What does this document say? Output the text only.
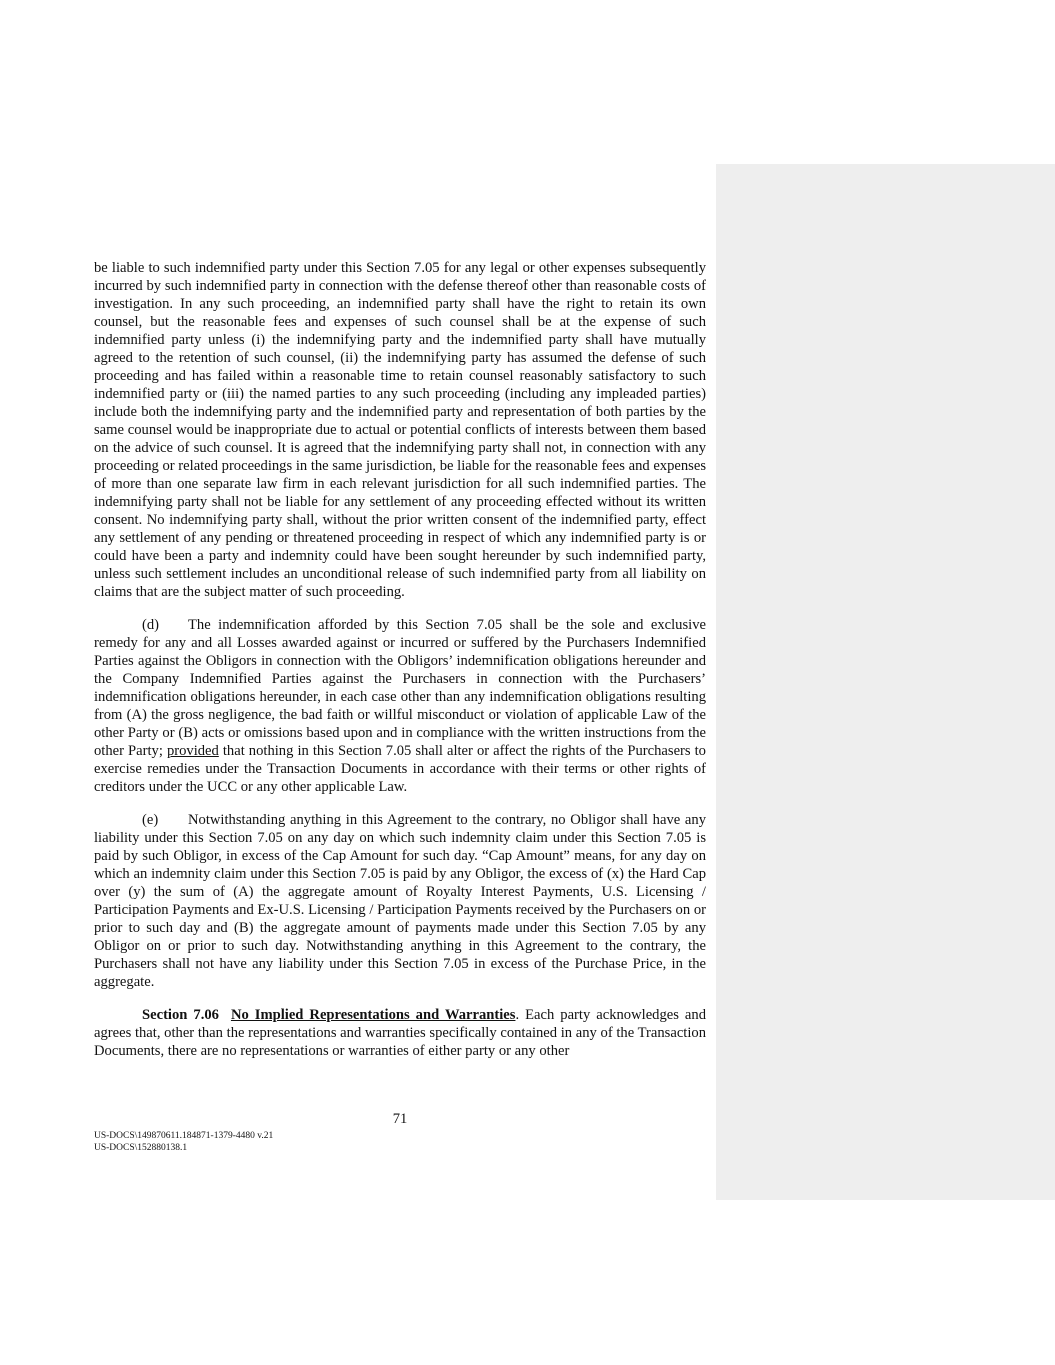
be liable to such indemnified party under this Section 7.05 for any legal or other expenses subsequently incurred by such indemnified party in connection with the defense thereof other than reasonable costs of investigation. In any such proceeding, an indemnified party shall have the right to retain its own counsel, but the reasonable fees and expenses of such counsel shall be at the expense of such indemnified party unless (i) the indemnifying party and the indemnified party shall have mutually agreed to the retention of such counsel, (ii) the indemnifying party has assumed the defense of such proceeding and has failed within a reasonable time to retain counsel reasonably satisfactory to such indemnified party or (iii) the named parties to any such proceeding (including any impleaded parties) include both the indemnifying party and the indemnified party and representation of both parties by the same counsel would be inappropriate due to actual or potential conflicts of interests between them based on the advice of such counsel. It is agreed that the indemnifying party shall not, in connection with any proceeding or related proceedings in the same jurisdiction, be liable for the reasonable fees and expenses of more than one separate law firm in each relevant jurisdiction for all such indemnified parties. The indemnifying party shall not be liable for any settlement of any proceeding effected without its written consent. No indemnifying party shall, without the prior written consent of the indemnified party, effect any settlement of any pending or threatened proceeding in respect of which any indemnified party is or could have been a party and indemnity could have been sought hereunder by such indemnified party, unless such settlement includes an unconditional release of such indemnified party from all liability on claims that are the subject matter of such proceeding.

(d) The indemnification afforded by this Section 7.05 shall be the sole and exclusive remedy for any and all Losses awarded against or incurred or suffered by the Purchasers Indemnified Parties against the Obligors in connection with the Obligors’ indemnification obligations hereunder and the Company Indemnified Parties against the Purchasers in connection with the Purchasers’ indemnification obligations hereunder, in each case other than any indemnification obligations resulting from (A) the gross negligence, the bad faith or willful misconduct or violation of applicable Law of the other Party or (B) acts or omissions based upon and in compliance with the written instructions from the other Party; provided that nothing in this Section 7.05 shall alter or affect the rights of the Purchasers to exercise remedies under the Transaction Documents in accordance with their terms or other rights of creditors under the UCC or any other applicable Law.

(e) Notwithstanding anything in this Agreement to the contrary, no Obligor shall have any liability under this Section 7.05 on any day on which such indemnity claim under this Section 7.05 is paid by such Obligor, in excess of the Cap Amount for such day. “Cap Amount” means, for any day on which an indemnity claim under this Section 7.05 is paid by any Obligor, the excess of (x) the Hard Cap over (y) the sum of (A) the aggregate amount of Royalty Interest Payments, U.S. Licensing / Participation Payments and Ex-U.S. Licensing / Participation Payments received by the Purchasers on or prior to such day and (B) the aggregate amount of payments made under this Section 7.05 by any Obligor on or prior to such day. Notwithstanding anything in this Agreement to the contrary, the Purchasers shall not have any liability under this Section 7.05 in excess of the Purchase Price, in the aggregate.

Section 7.06 No Implied Representations and Warranties. Each party acknowledges and agrees that, other than the representations and warranties specifically contained in any of the Transaction Documents, there are no representations or warranties of either party or any other

71
US-DOCS\149870611.184871-1379-4480 v.21
US-DOCS\152880138.1
